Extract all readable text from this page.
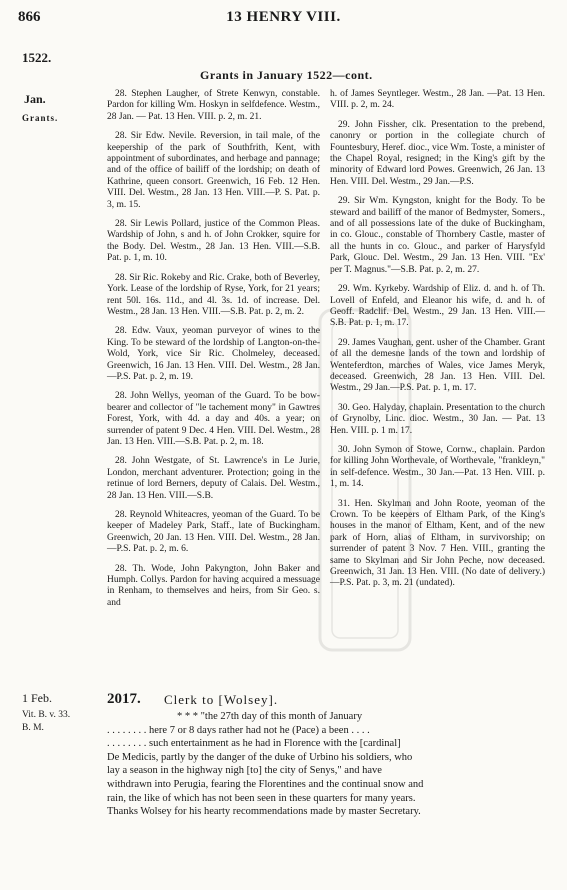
866	13 HENRY VIII.
1522.
Grants in January 1522—cont.
Jan.
Grants.

28. Stephen Laugher, of Strete Kenwyn, constable. Pardon for killing Wm. Hoskyn in selfdefence. Westm., 28 Jan. — Pat. 13 Hen. VIII. p. 2, m. 21.

28. Sir Edw. Nevile. Reversion, in tail male, of the keepership of the park of Southfrith, Kent, with appointment of subordinates, and herbage and pannage; and of the office of bailiff of the lordship; on death of Kathrine, queen consort. Greenwich, 16 Feb. 12 Hen. VIII. Del. Westm., 28 Jan. 13 Hen. VIII.—P. S. Pat. p. 3, m. 15.

28. Sir Lewis Pollard, justice of the Common Pleas. Wardship of John, s and h. of John Crokker, squire for the Body. Del. Westm., 28 Jan. 13 Hen. VIII.—S.B. Pat. p. 1, m. 10.

28. Sir Ric. Rokeby and Ric. Crake, both of Beverley, York. Lease of the lordship of Ryse, York, for 21 years; rent 50l. 16s. 11d., and 4l. 3s. 1d. of increase. Del. Westm., 28 Jan. 13 Hen. VIII.—S.B. Pat. p. 2, m. 2.

28. Edw. Vaux, yeoman purveyor of wines to the King. To be steward of the lordship of Langton-on-the-Wold, York, vice Sir Ric. Cholmeley, deceased. Greenwich, 16 Jan. 13 Hen. VIII. Del. Westm., 28 Jan.—P.S. Pat. p. 2, m. 19.

28. John Wellys, yeoman of the Guard. To be bow-bearer and collector of "le tachement mony" in Gawtres Forest, York, with 4d. a day and 40s. a year; on surrender of patent 9 Dec. 4 Hen. VIII. Del. Westm., 28 Jan. 13 Hen. VIII.—S.B. Pat. p. 2, m. 18.

28. John Westgate, of St. Lawrence's in Le Jurie, London, merchant adventurer. Protection; going in the retinue of lord Berners, deputy of Calais. Del. Westm., 28 Jan. 13 Hen. VIII.—S.B.

28. Reynold Whiteacres, yeoman of the Guard. To be keeper of Madeley Park, Staff., late of Buckingham. Greenwich, 20 Jan. 13 Hen. VIII. Del. Westm., 28 Jan. —P.S. Pat. p. 2, m. 6.

28. Th. Wode, John Pakyngton, John Baker and Humph. Collys. Pardon for having acquired a messuage in Renham, to themselves and heirs, from Sir Geo. s. and

h. of James Seyntleger. Westm., 28 Jan. —Pat. 13 Hen. VIII. p. 2, m. 24.

29. John Fissher, clk. Presentation to the prebend, canonry or portion in the collegiate church of Fountesbury, Heref. dioc., vice Wm. Toste, a minister of the Chapel Royal, resigned; in the King's gift by the minority of Edward lord Powes. Greenwich, 26 Jan. 13 Hen. VIII. Del. Westm., 29 Jan.—P.S.

29. Sir Wm. Kyngston, knight for the Body. To be steward and bailiff of the manor of Bedmyster, Somers., and of all possessions late of the duke of Buckingham, in co. Glouc., constable of Thornbery Castle, master of all the hunts in co. Glouc., and parker of Harysfyld Park, Glouc. Del. Westm., 29 Jan. 13 Hen. VIII. "Ex' per T. Magnus."—S.B. Pat. p. 2, m. 27.

29. Wm. Kyrkeby. Wardship of Eliz. d. and h. of Th. Lovell of Enfeld, and Eleanor his wife, d. and h. of Geoff. Radclif. Del. Westm., 29 Jan. 13 Hen. VIII.—S.B. Pat. p. 1, m. 17.

29. James Vaughan, gent. usher of the Chamber. Grant of all the demesne lands of the town and lordship of Wenteferdton, marches of Wales, vice James Meryk, deceased. Greenwich, 28 Jan. 13 Hen. VIII. Del. Westm., 29 Jan.—P.S. Pat. p. 1, m. 17.

30. Geo. Halyday, chaplain. Presentation to the church of Grynolby, Linc. dioc. Westm., 30 Jan. — Pat. 13 Hen. VIII. p. 1 m. 17.

30. John Symon of Stowe, Cornw., chaplain. Pardon for killing John Worthevale, of Worthevale, "frankleyn," in self-defence. Westm., 30 Jan.—Pat. 13 Hen. VIII. p. 1, m. 14.

31. Hen. Skylman and John Roote, yeoman of the Crown. To be keepers of Eltham Park, of the King's houses in the manor of Eltham, Kent, and of the new park of Horn, alias of Eltham, in survivorship; on surrender of patent 3 Nov. 7 Hen. VIII., granting the same to Skylman and Sir John Peche, now deceased. Greenwich, 31 Jan. 13 Hen. VIII. (No date of delivery.)—P.S. Pat. p. 3, m. 21 (undated).

1 Feb.
Vit. B. v. 33.
B. M.
2017. Clerk to [Wolsey].

* * * "the 27th day of this month of January

. . . . . . . . here 7 or 8 days rather had not he (Pace) a been . . . .

. . . . . . . . such entertainment as he had in Florence with the [cardinal]

De Medicis, partly by the danger of the duke of Urbino his soldiers, who

lay a season in the highway nigh [to] the city of Senys," and have

withdrawn into Perugia, fearing the Florentines and the continual snow and

rain, the like of which has not been seen in these quarters for many years.

Thanks Wolsey for his hearty recommendations made by master Secretary.
